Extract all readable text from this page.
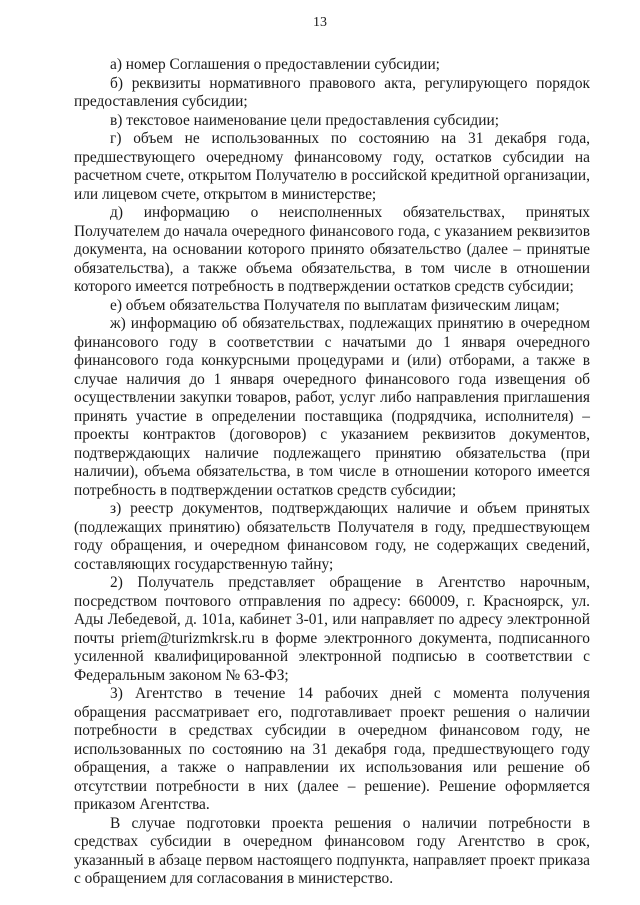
13

а) номер Соглашения о предоставлении субсидии;

б) реквизиты нормативного правового акта, регулирующего порядок предоставления субсидии;

в) текстовое наименование цели предоставления субсидии;

г) объем не использованных по состоянию на 31 декабря года, предшествующего очередному финансовому году, остатков субсидии на расчетном счете, открытом Получателю в российской кредитной организации, или лицевом счете, открытом в министерстве;

д) информацию о неисполненных обязательствах, принятых Получателем до начала очередного финансового года, с указанием реквизитов документа, на основании которого принято обязательство (далее – принятые обязательства), а также объема обязательства, в том числе в отношении которого имеется потребность в подтверждении остатков средств субсидии;

е) объем обязательства Получателя по выплатам физическим лицам;

ж) информацию об обязательствах, подлежащих принятию в очередном финансового году в соответствии с начатыми до 1 января очередного финансового года конкурсными процедурами и (или) отборами, а также в случае наличия до 1 января очередного финансового года извещения об осуществлении закупки товаров, работ, услуг либо направления приглашения принять участие в определении поставщика (подрядчика, исполнителя) – проекты контрактов (договоров) с указанием реквизитов документов, подтверждающих наличие подлежащего принятию обязательства (при наличии), объема обязательства, в том числе в отношении которого имеется потребность в подтверждении остатков средств субсидии;

з) реестр документов, подтверждающих наличие и объем принятых (подлежащих принятию) обязательств Получателя в году, предшествующем году обращения, и очередном финансовом году, не содержащих сведений, составляющих государственную тайну;

2) Получатель представляет обращение в Агентство нарочным, посредством почтового отправления по адресу: 660009, г. Красноярск, ул. Ады Лебедевой, д. 101а, кабинет 3-01, или направляет по адресу электронной почты priem@turizmkrsk.ru в форме электронного документа, подписанного усиленной квалифицированной электронной подписью в соответствии с Федеральным законом № 63-ФЗ;

3) Агентство в течение 14 рабочих дней с момента получения обращения рассматривает его, подготавливает проект решения о наличии потребности в средствах субсидии в очередном финансовом году, не использованных по состоянию на 31 декабря года, предшествующего году обращения, а также о направлении их использования или решение об отсутствии потребности в них (далее – решение). Решение оформляется приказом Агентства.

В случае подготовки проекта решения о наличии потребности в средствах субсидии в очередном финансовом году Агентство в срок, указанный в абзаце первом настоящего подпункта, направляет проект приказа с обращением для согласования в министерство.
